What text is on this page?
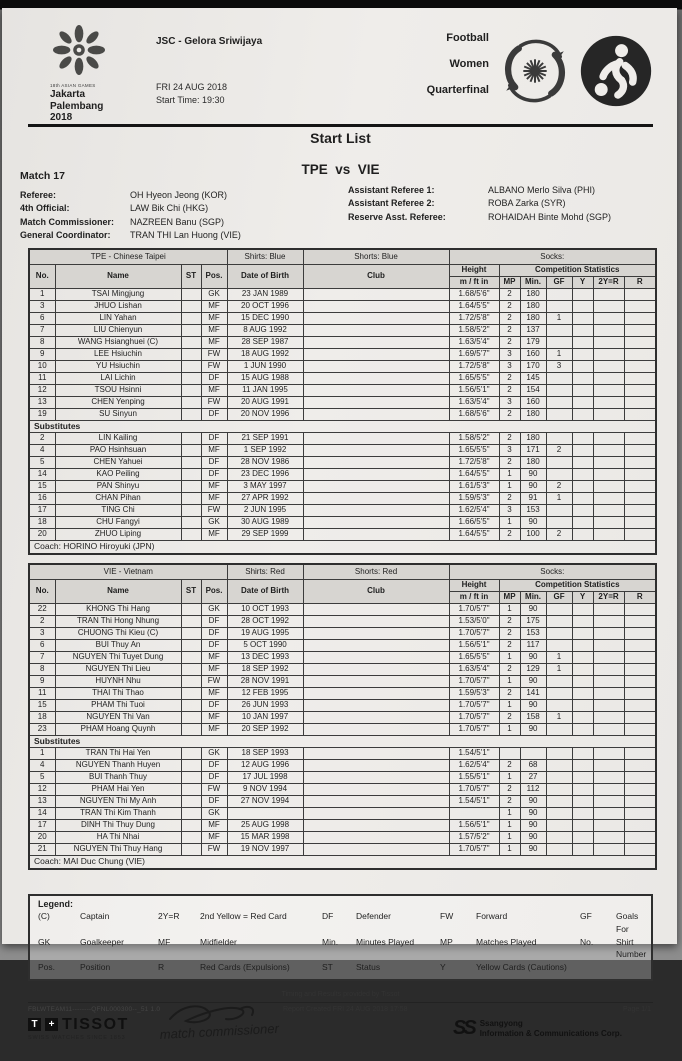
18th ASIAN GAMES
Jakarta
Palembang
2018
JSC - Gelora Sriwijaya
FRI 24 AUG 2018
Start Time: 19:30
Football
Women
Quarterfinal
Start List
Match 17	TPE  vs  VIE
Referee:	OH Hyeon Jeong (KOR)
4th Official:	LAW Bik Chi (HKG)
Match Commissioner:	NAZREEN Banu (SGP)
General Coordinator:	TRAN THI Lan Huong (VIE)
Assistant Referee 1:	ALBANO Merlo Silva (PHI)
Assistant Referee 2:	ROBA Zarka (SYR)
Reserve Asst. Referee:	ROHAIDAH Binte Mohd (SGP)
TPE - Chinese Taipei				Shirts: Blue	Shorts: Blue	Socks:						
No.	Name	ST	Pos.	Date of Birth	Club	Height	Competition Statistics					
						m / ft in	MP	Min.	GF	Y	2Y=R	R
1	TSAI Mingjung		GK	23 JAN 1989		1.68/5'6"	2	180				
3	JHUO Lishan		MF	20 OCT 1996		1.64/5'5"	2	180				
6	LIN Yahan		MF	15 DEC 1990		1.72/5'8"	2	180	1			
7	LIU Chienyun		MF	8 AUG 1992		1.58/5'2"	2	137				
8	WANG Hsianghuei (C)		MF	28 SEP 1987		1.63/5'4"	2	179				
9	LEE Hsiuchin		FW	18 AUG 1992		1.69/5'7"	3	160	1			
10	YU Hsiuchin		FW	1 JUN 1990		1.72/5'8"	3	170	3			
11	LAI Lichin		DF	15 AUG 1988		1.65/5'5"	2	145				
12	TSOU Hsinni		MF	11 JAN 1995		1.56/5'1"	2	154				
13	CHEN Yenping		FW	20 AUG 1991		1.63/5'4"	3	160				
19	SU Sinyun		DF	20 NOV 1996		1.68/5'6"	2	180				
Substitutes												
2	LIN Kailing		DF	21 SEP 1991		1.58/5'2"	2	180				
4	PAO Hsinhsuan		MF	1 SEP 1992		1.65/5'5"	3	171	2			
5	CHEN Yahuei		DF	28 NOV 1986		1.72/5'8"	2	180				
14	KAO Peiling		DF	23 DEC 1996		1.64/5'5"	1	90				
15	PAN Shinyu		MF	3 MAY 1997		1.61/5'3"	1	90	2			
16	CHAN Pihan		MF	27 APR 1992		1.59/5'3"	2	91	1			
17	TING Chi		FW	2 JUN 1995		1.62/5'4"	3	153				
18	CHU Fangyi		GK	30 AUG 1989		1.66/5'5"	1	90				
20	ZHUO Liping		MF	29 SEP 1999		1.64/5'5"	2	100	2			
Coach: HORINO Hiroyuki (JPN)												
VIE - Vietnam				Shirts: Red	Shorts: Red	Socks:						
No.	Name	ST	Pos.	Date of Birth	Club	Height	Competition Statistics					
						m / ft in	MP	Min.	GF	Y	2Y=R	R
22	KHONG Thi Hang		GK	10 OCT 1993		1.70/5'7"	1	90				
2	TRAN Thi Hong Nhung		DF	28 OCT 1992		1.53/5'0"	2	175				
3	CHUONG Thi Kieu (C)		DF	19 AUG 1995		1.70/5'7"	2	153				
6	BUI Thuy An		DF	5 OCT 1990		1.56/5'1"	2	117				
7	NGUYEN Thi Tuyet Dung		MF	13 DEC 1993		1.65/5'5"	1	90	1			
8	NGUYEN Thi Lieu		MF	18 SEP 1992		1.63/5'4"	2	129	1			
9	HUYNH Nhu		FW	28 NOV 1991		1.70/5'7"	1	90				
11	THAI Thi Thao		MF	12 FEB 1995		1.59/5'3"	2	141				
15	PHAM Thi Tuoi		DF	26 JUN 1993		1.70/5'7"	1	90				
18	NGUYEN Thi Van		MF	10 JAN 1997		1.70/5'7"	2	158	1			
23	PHAM Hoang Quynh		MF	20 SEP 1992		1.70/5'7"	1	90				
Substitutes												
1	TRAN Thi Hai Yen		GK	18 SEP 1993		1.54/5'1"						
4	NGUYEN Thanh Huyen		DF	12 AUG 1996		1.62/5'4"	2	68				
5	BUI Thanh Thuy		DF	17 JUL 1998		1.55/5'1"	1	27				
12	PHAM Hai Yen		FW	9 NOV 1994		1.70/5'7"	2	112				
13	NGUYEN Thi My Anh		DF	27 NOV 1994		1.54/5'1"	2	90				
14	TRAN Thi Kim Thanh		GK				1	90				
17	DINH Thi Thuy Dung		MF	25 AUG 1998		1.56/5'1"	1	90				
20	HA Thi Nhai		MF	15 MAR 1998		1.57/5'2"	1	90				
21	NGUYEN Thi Thuy Hang		FW	19 NOV 1997		1.70/5'7"	1	90				
Coach: MAI Duc Chung (VIE)												
Legend:
(C)	Captain	2Y=R	2nd Yellow = Red Card	DF	Defender	FW	Forward	GF	Goals For
GK	Goalkeeper	MF	Midfielder	Min.	Minutes Played	MP	Matches Played	No.	Shirt Number
Pos.	Position	R	Red Cards (Expulsions)	ST	Status	Y	Yellow Cards (Cautions)
Timing and Results provided by Tissot
FBLWTEAM11--------QFNL000300--_51 1.0	Report Created FRI 24 AUG 2018 17:58	Page 1/1
match commissioner
T	+ TISSOT
SWISS WATCHES SINCE 1853	SS Ssangyong
Information & Communications Corp.
